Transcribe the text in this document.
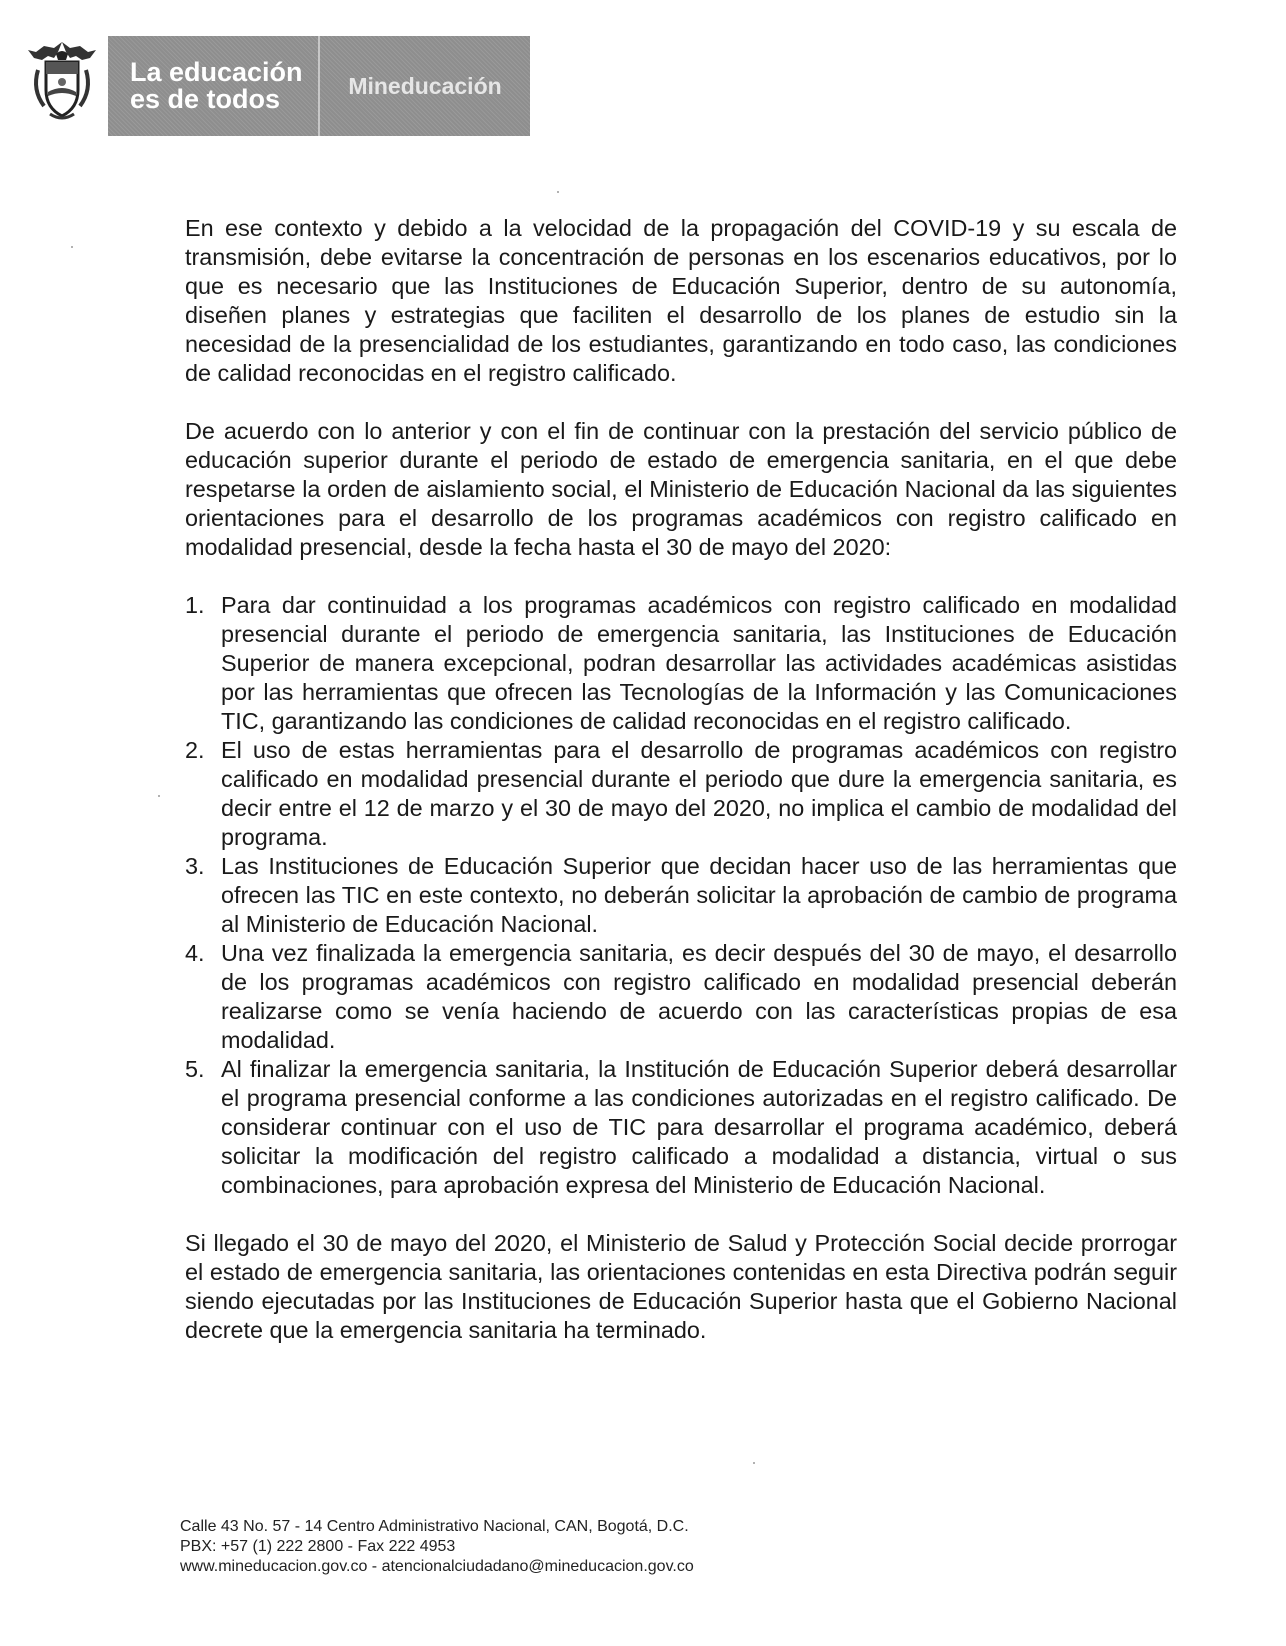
La educación
es de todos	Mineducación

En ese contexto y debido a la velocidad de la propagación del COVID-19 y su escala de transmisión, debe evitarse la concentración de personas en los escenarios educativos, por lo que es necesario que las Instituciones de Educación Superior, dentro de su autonomía, diseñen planes y estrategias que faciliten el desarrollo de los planes de estudio sin la necesidad de la presencialidad de los estudiantes, garantizando en todo caso, las condiciones de calidad reconocidas en el registro calificado.

De acuerdo con lo anterior y con el fin de continuar con la prestación del servicio público de educación superior durante el periodo de estado de emergencia sanitaria, en el que debe respetarse la orden de aislamiento social, el Ministerio de Educación Nacional da las siguientes orientaciones para el desarrollo de los programas académicos con registro calificado en modalidad presencial, desde la fecha hasta el 30 de mayo del 2020:

1. Para dar continuidad a los programas académicos con registro calificado en modalidad presencial durante el periodo de emergencia sanitaria, las Instituciones de Educación Superior de manera excepcional, podran desarrollar las actividades académicas asistidas por las herramientas que ofrecen las Tecnologías de la Información y las Comunicaciones TIC, garantizando las condiciones de calidad reconocidas en el registro calificado.
2. El uso de estas herramientas para el desarrollo de programas académicos con registro calificado en modalidad presencial durante el periodo que dure la emergencia sanitaria, es decir entre el 12 de marzo y el 30 de mayo del 2020, no implica el cambio de modalidad del programa.
3. Las Instituciones de Educación Superior que decidan hacer uso de las herramientas que ofrecen las TIC en este contexto, no deberán solicitar la aprobación de cambio de programa al Ministerio de Educación Nacional.
4. Una vez finalizada la emergencia sanitaria, es decir después del 30 de mayo, el desarrollo de los programas académicos con registro calificado en modalidad presencial deberán realizarse como se venía haciendo de acuerdo con las características propias de esa modalidad.
5. Al finalizar la emergencia sanitaria, la Institución de Educación Superior deberá desarrollar el programa presencial conforme a las condiciones autorizadas en el registro calificado. De considerar continuar con el uso de TIC para desarrollar el programa académico, deberá solicitar la modificación del registro calificado a modalidad a distancia, virtual o sus combinaciones, para aprobación expresa del Ministerio de Educación Nacional.

Si llegado el 30 de mayo del 2020, el Ministerio de Salud y Protección Social decide prorrogar el estado de emergencia sanitaria, las orientaciones contenidas en esta Directiva podrán seguir siendo ejecutadas por las Instituciones de Educación Superior hasta que el Gobierno Nacional decrete que la emergencia sanitaria ha terminado.

Calle 43 No. 57 - 14 Centro Administrativo Nacional, CAN, Bogotá, D.C.
PBX: +57 (1) 222 2800 - Fax 222 4953
www.mineducacion.gov.co - atencionalciudadano@mineducacion.gov.co
